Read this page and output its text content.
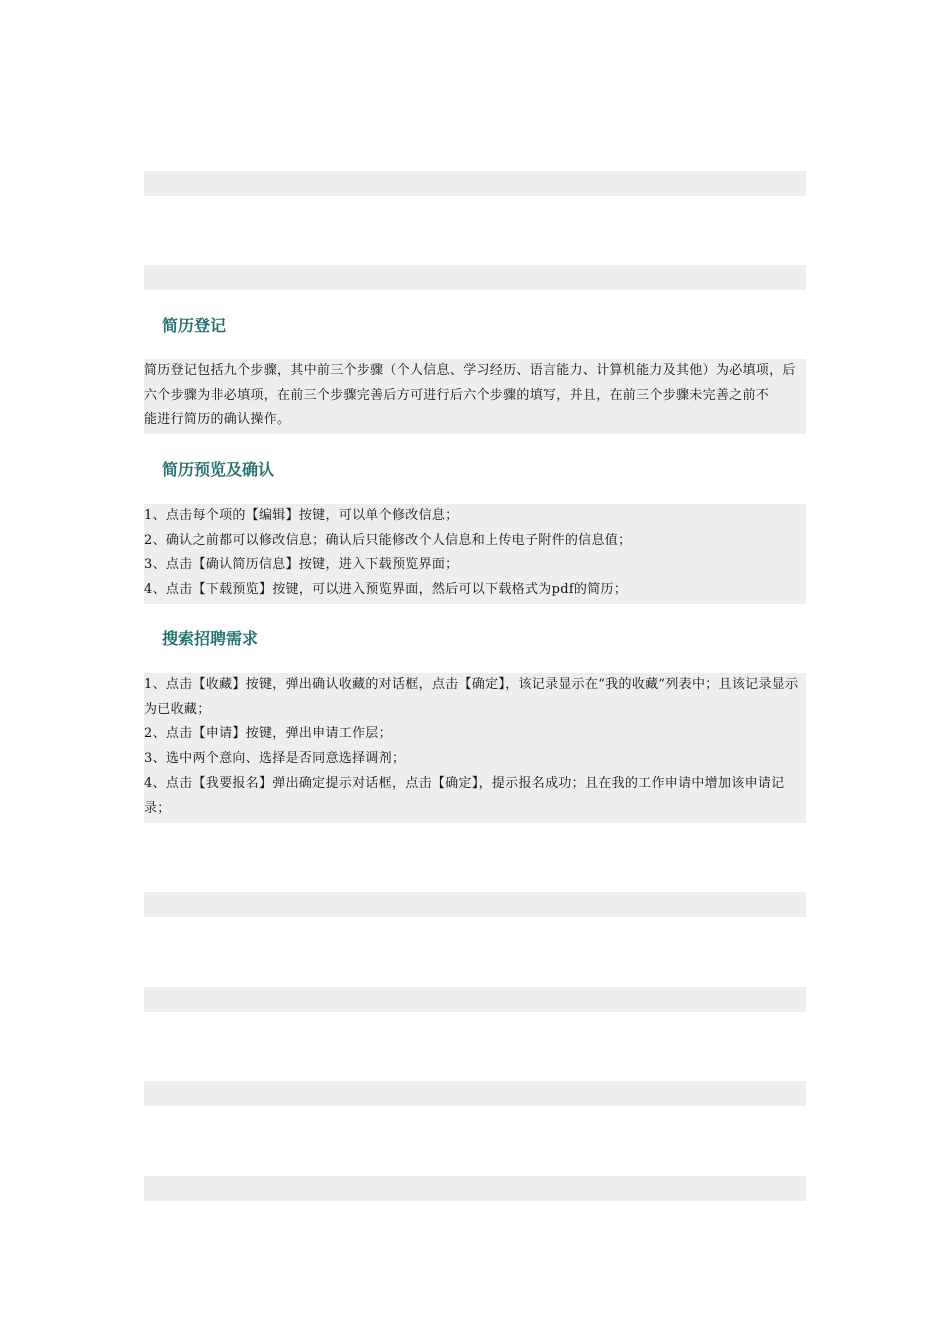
简历登记
简历登记包括九个步骤，其中前三个步骤（个人信息、学习经历、语言能力、计算机能力及其他）为必填项，后
六个步骤为非必填项，在前三个步骤完善后方可进行后六个步骤的填写，并且，在前三个步骤未完善之前不
能进行简历的确认操作。
简历预览及确认
1、点击每个项的【编辑】按键，可以单个修改信息；
2、确认之前都可以修改信息；确认后只能修改个人信息和上传电子附件的信息值；
3、点击【确认简历信息】按键，进入下载预览界面；
4、点击【下载预览】按键，可以进入预览界面，然后可以下载格式为pdf的简历；
搜索招聘需求
1、点击【收藏】按键，弹出确认收藏的对话框，点击【确定】，该记录显示在“我的收藏”列表中；且该记录显示
为已收藏；
2、点击【申请】按键，弹出申请工作层；
3、选中两个意向、选择是否同意选择调剂；
4、点击【我要报名】弹出确定提示对话框，点击【确定】，提示报名成功；且在我的工作申请中增加该申请记
录；
